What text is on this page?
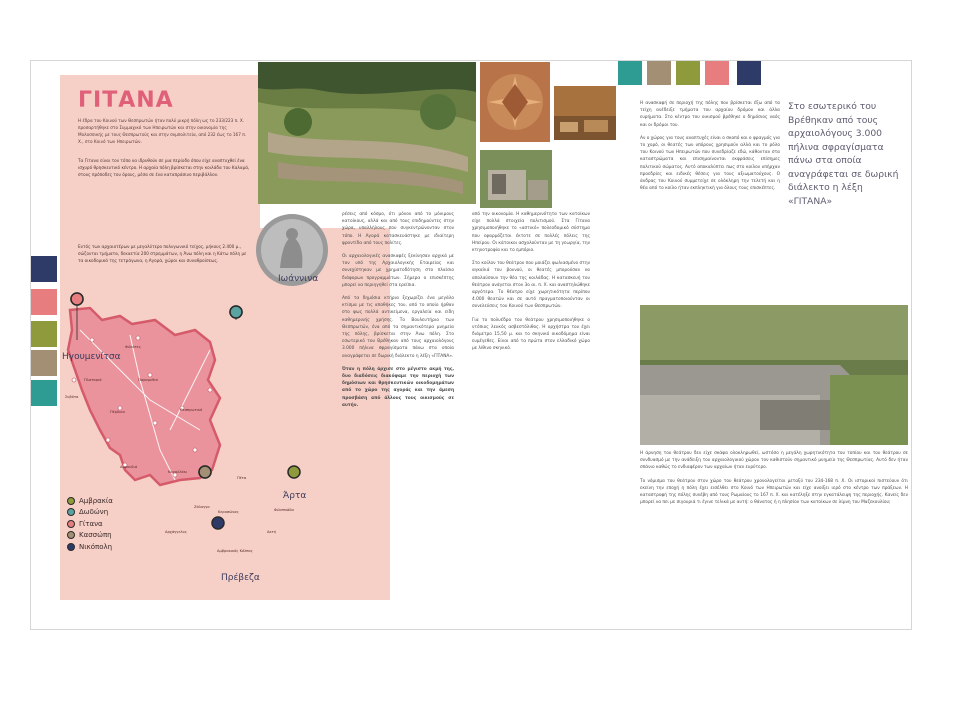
ΓΙΤΑΝΑ
Η έδρα του Κοινού των Θεσπρωτών ήταν πολύ μικρή πόλη ως το 233/223 π. Χ. προσαρτήθηκε στο Συμμαχικό των Ηπειρωτών και στην οικονομία της Μολοσσικής με τους Θεσπρωτούς και στην συμπολιτεία, από 232 έως το 167 π. Χ., στο Κοινό των Ηπειρωτών.
Τα Γίτανα είναι τον τόπο να ιδρυθούν σε μια περίοδο όπου είχε αναπτυχθεί ένα ισχυρό θρησκευτικό κέντρο. Η αρχαία πόλη βρίσκεται στην κοιλάδα του Καλαμά, στους πρόποδες του όρους, μέσα σε ένα καταπράσινο περιβάλλον.
Εντός των αρχαιοτέρων με μεγαλύτερο πολυγωνικό τείχος, μήκους 2.400 μ., σώζονται τμήματα, δεκαετία 200 στρεμμάτων, η Άνω πόλη και η Κάτω πόλη με τα οικοδομικά της τετράγωνα, η Αγορά, χώροι και συναθροίσεως.
Ιωάννινα
Ηγουμενίτσα
Άρτα
Πρέβεζα
Πλαταριά
Φιλιάτες
Παραμυθιά
Συβότα
Πέρδικα
Αμμουδιά
Καναλλάκι
Θεσπρωτικό
Πέτα
Κερασώνας	Φιλιππιάδα
Αρχάγγελος
Ζάλογγο
Αμβρακικός Κόλπος
Ακτή
Αμβρακία
Δωδώνη
Γίτανα
Κασσώπη
Νικόπολη

ρέσεις από κόσμο, ότι μόνον από το μόνιμους κατοίκους, αλλά και από τους επιδημούντες στην χώρα, υπαλλήλους που συγκεντρώνονταν στον τόπο. Η Αγορά κατασκευάστηκε με ιδιαίτερη φροντίδα από τους πολίτες.

Οι αρχαιολογικές ανασκαφές ξεκίνησαν αρχικά με τον υπό της Αρχαιολογικής Εταιρείας και συνεχίστηκαν με χρηματοδότηση στο πλαίσιο διάφορων προγραμμάτων. Σήμερα ο επισκέπτης μπορεί να περιηγηθεί στα ερείπια.

Από τα δημόσια κτήρια ξεχωρίζει ένα μεγάλο κτίσμα με τις αποθήκες του, από το οποίο ήρθαν στο φως πολλά αντικείμενα, εργαλεία και είδη καθημερινής χρήσης. Το Βουλευτήριο των Θεσπρωτών, ένα από τα σημαντικότερα μνημεία της πόλης, βρίσκεται στην Άνω πόλη. Στο εσωτερικό του Βρέθηκαν από τους αρχαιολόγους 3.000 πήλινα σφραγίσματα πάνω στα οποία αναγράφεται σε δωρική διάλεκτο η λέξη «ΓΙΤΑΝΑ».

Όταν η πόλη άρχισε στο μέγιστο ακμή της, δυο διαδόσεις διακόψαμε την περιοχή των δημόσιων και θρησκευτικών οικοδομημάτων από το χώρο της αγοράς και την άμεση προσβάση από άλλους τους οικισμούς σε αυτήν.

από την οικονομία. Η καθημερινότητα των κατοίκων είχε πολλά στοιχεία πολιτισμού. Στα Γίτανα χρησιμοποιήθηκε το «αστικό» πολεοδομικό σύστημα που εφαρμόζεται έκτοτε σε πολλές πόλεις της Ηπείρου. Οι κάτοικοι ασχολούνταν με τη γεωργία, την κτηνοτροφία και το εμπόριο.

Στο κοίλον του θεάτρου που μοιάζει φωλιασμένο στην αγκαλιά του βουνού, οι θεατές μπορούσαν να απολαύσουν την θέα της κοιλάδας. Η κατασκευή του θεάτρου ανάγεται στον 3ο αι. π. Χ. και αναστηλώθηκε αργότερα. Το θέατρο είχε χωρητικότητα περίπου 4.000 θεατών και σε αυτό πραγματοποιούνταν οι συνελεύσεις του Κοινού των Θεσπρωτών.

Για το πολυέδρο του θεάτρου χρησιμοποιήθηκε ο ντόπιος λευκός ασβεστόλιθος. Η ορχήστρα του έχει διάμετρο 15,50 μ. και το σκηνικό οικοδόμημα είναι ευμέγεθες. Είναι από τα πρώτα στον ελλαδικό χώρο με λίθινο σκηνικό.

Η ανασκαφή σε περιοχή της πόλης που βρίσκεται έξω από τα τείχη ανέδειξε τμήματα του αρχαίου δρόμου και άλλα ευρήματα. Στο κέντρο του οικισμού βρέθηκε ο δημόσιος ναός και οι δρόμοι του.

Αν ο χώρος για τους αναπτυχές είναι ο σκοπό και ο φραγμός για το χορό, οι θεατές των υπόρους χρησιμούν αλλά και το ρόλο του Κοινού των Ηπειρωτών που συνεδρίαζε εδώ, κάθονταν στα καταστρώματα και επισημαίνονται εκφράσεις επίσημες πολιτικού σώματος. Αυτό αποκαλύπτει πως στο κοίλον υπήρχαν προεδρίες και ειδικές θέσεις για τους αξιωματούχους. Ο άνδρας του Κοινού συμμετείχε σε ολόκληρη την τελετή και η θέα από το κοίλο ήταν εκπληκτική για όλους τους επισκέπτες.

Στο εσωτερικό του Βρέθηκαν από τους αρχαιολόγους 3.000 πήλινα σφραγίσματα πάνω στα οποία αναγράφεται σε δωρική διάλεκτο η λέξη «ΓΙΤΑΝΑ»

Η άρνηση του θεάτρου δεν είχε σκάφα ολοκληρωθεί, ωστόσο η μεγάλη χωρητικότητα του τοπίου και του θεάτρου σε συνδυασμό με την ανάδειξη του αρχαιολογικού χώρου τον καθιστούν σημαντικό μνημείο της Θεσπρωτίας. Αυτό δεν ήταν σπάνιο καθώς το ενδιαφέρον των αρχαίων ήταν ευρύτερο.

Το νόμισμα του θεάτρου στον χώρο του θεάτρου χρονολογείται μεταξύ του 234-168 π. Χ. Οι ιστορικοί πιστεύουν ότι εκείνη την εποχή η πόλη έχει εισέλθει στο Κοινό των Ηπειρωτών και είχε ανοίξει ιερό στο κέντρο των πράξεων. Η καταστροφή της πόλης συνέβη από τους Ρωμαίους το 167 π. Χ. και κατέληξε στην εγκατάλειψη της περιοχής. Κανείς δεν μπορεί να πει με σιγουριά τι έγινε τελικά με αυτή: ο θάνατος ή η πλησίον των κατοίκων σε λίμνη του Μαζεκουλίου;
